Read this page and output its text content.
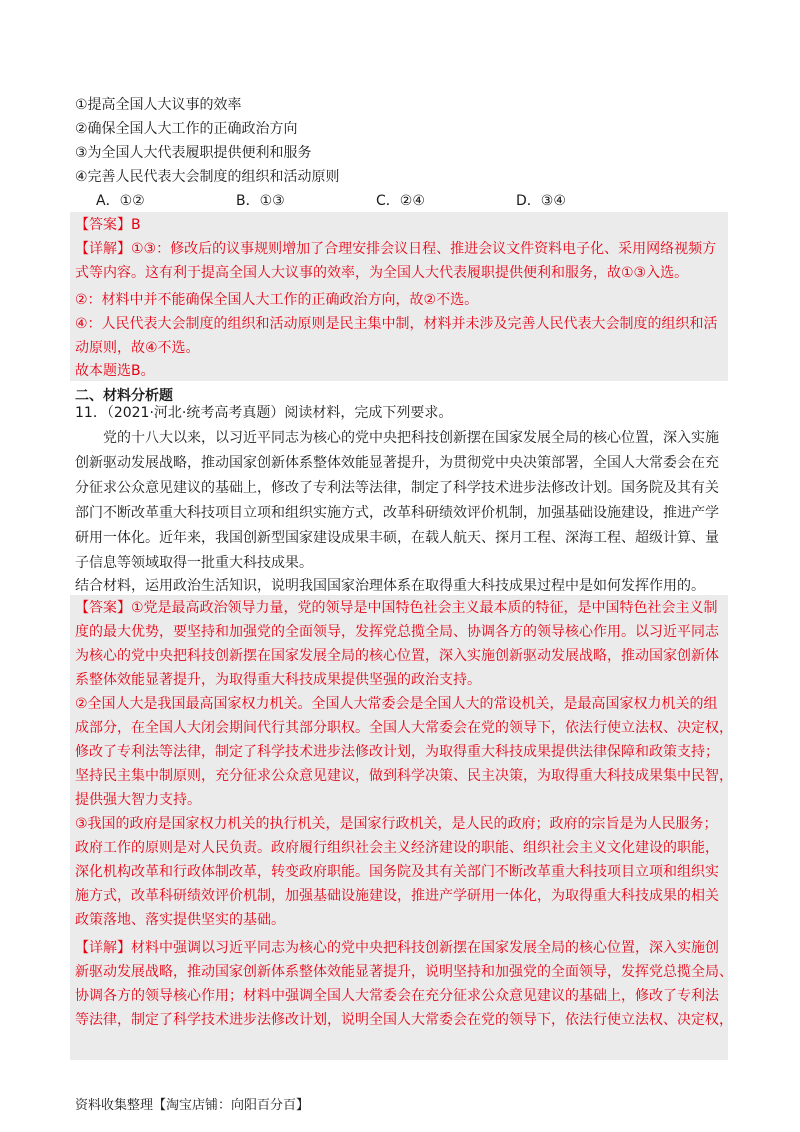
①提高全国人大议事的效率
②确保全国人大工作的正确政治方向
③为全国人大代表履职提供便利和服务
④完善人民代表大会制度的组织和活动原则
A．①②	B．①③	C．②④	D．③④
【答案】B
【详解】①③：修改后的议事规则增加了合理安排会议日程、推进会议文件资料电子化、采用网络视频方
式等内容。这有利于提高全国人大议事的效率，为全国人大代表履职提供便利和服务，故①③入选。
②：材料中并不能确保全国人大工作的正确政治方向，故②不选。
④：人民代表大会制度的组织和活动原则是民主集中制，材料并未涉及完善人民代表大会制度的组织和活
动原则，故④不选。
故本题选B。
二、材料分析题
11．（2021·河北·统考高考真题）阅读材料，完成下列要求。
党的十八大以来，以习近平同志为核心的党中央把科技创新摆在国家发展全局的核心位置，深入实施
创新驱动发展战略，推动国家创新体系整体效能显著提升，为贯彻党中央决策部署，全国人大常委会在充
分征求公众意见建议的基础上，修改了专利法等法律，制定了科学技术进步法修改计划。国务院及其有关
部门不断改革重大科技项目立项和组织实施方式，改革科研绩效评价机制，加强基础设施建设，推进产学
研用一体化。近年来，我国创新型国家建设成果丰硕，在载人航天、探月工程、深海工程、超级计算、量
子信息等领域取得一批重大科技成果。
结合材料，运用政治生活知识，说明我国国家治理体系在取得重大科技成果过程中是如何发挥作用的。
【答案】①党是最高政治领导力量，党的领导是中国特色社会主义最本质的特征，是中国特色社会主义制
度的最大优势，要坚持和加强党的全面领导，发挥党总揽全局、协调各方的领导核心作用。以习近平同志
为核心的党中央把科技创新摆在国家发展全局的核心位置，深入实施创新驱动发展战略，推动国家创新体
系整体效能显著提升，为取得重大科技成果提供坚强的政治支持。
②全国人大是我国最高国家权力机关。全国人大常委会是全国人大的常设机关，是最高国家权力机关的组
成部分，在全国人大闭会期间代行其部分职权。全国人大常委会在党的领导下，依法行使立法权、决定权，
修改了专利法等法律，制定了科学技术进步法修改计划，为取得重大科技成果提供法律保障和政策支持；
坚持民主集中制原则，充分征求公众意见建议，做到科学决策、民主决策，为取得重大科技成果集中民智，
提供强大智力支持。
③我国的政府是国家权力机关的执行机关，是国家行政机关，是人民的政府；政府的宗旨是为人民服务；
政府工作的原则是对人民负责。政府履行组织社会主义经济建设的职能、组织社会主义文化建设的职能，
深化机构改革和行政体制改革，转变政府职能。国务院及其有关部门不断改革重大科技项目立项和组织实
施方式，改革科研绩效评价机制，加强基础设施建设，推进产学研用一体化，为取得重大科技成果的相关
政策落地、落实提供坚实的基础。
【详解】材料中强调以习近平同志为核心的党中央把科技创新摆在国家发展全局的核心位置，深入实施创
新驱动发展战略，推动国家创新体系整体效能显著提升，说明坚持和加强党的全面领导，发挥党总揽全局、
协调各方的领导核心作用；材料中强调全国人大常委会在充分征求公众意见建议的基础上，修改了专利法
等法律，制定了科学技术进步法修改计划，说明全国人大常委会在党的领导下，依法行使立法权、决定权，
资料收集整理【淘宝店铺：向阳百分百】
